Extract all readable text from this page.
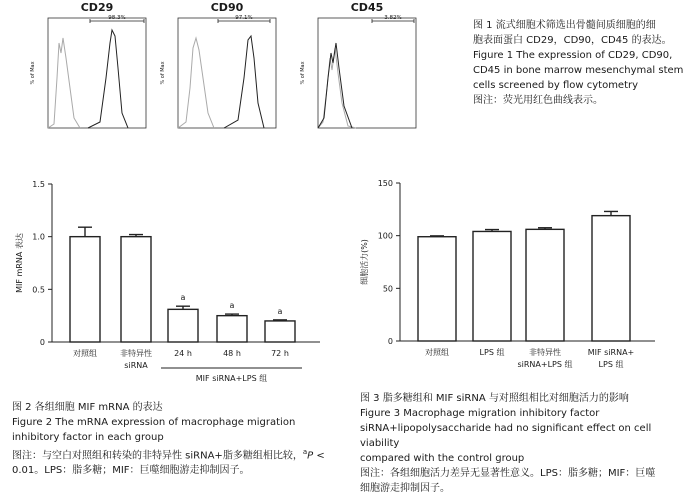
CD29
% of Max
98.3%
CD90
% of Max
97.1%
CD45
% of Max
3.82%

图 1 流式细胞术筛选出骨髓间质细胞的细

胞表面蛋白 CD29，CD90，CD45 的表达。

Figure 1 The expression of CD29, CD90,

CD45 in bone marrow mesenchymal stem

cells screened by flow cytometry

图注：荧光用红色曲线表示。

0
0.5
1.0
1.5
MIF mRNA 表达
对照组	非特异性
siRNA
a
24 h
a
48 h
a
72 h
MIF siRNA+LPS 组

图 2 各组细胞 MIF mRNA 的表达

Figure 2 The mRNA expression of macrophage migration

inhibitory factor in each group

图注：与空白对照组和转染的非特异性 siRNA+脂多糖组相比较，$^a$P <

0.01。LPS：脂多糖；MIF：巨噬细胞游走抑制因子。

0
50
100
150
细胞活力(%)
对照组	LPS 组	非特异性
siRNA+LPS 组
MIF siRNA+
LPS 组

图 3 脂多糖组和 MIF siRNA 与对照组相比对细胞活力的影响

Figure 3 Macrophage migration inhibitory factor

siRNA+lipopolysaccharide had no significant effect on cell viability

compared with the control group

图注：各组细胞活力差异无显著性意义。LPS：脂多糖；MIF：巨噬

细胞游走抑制因子。
